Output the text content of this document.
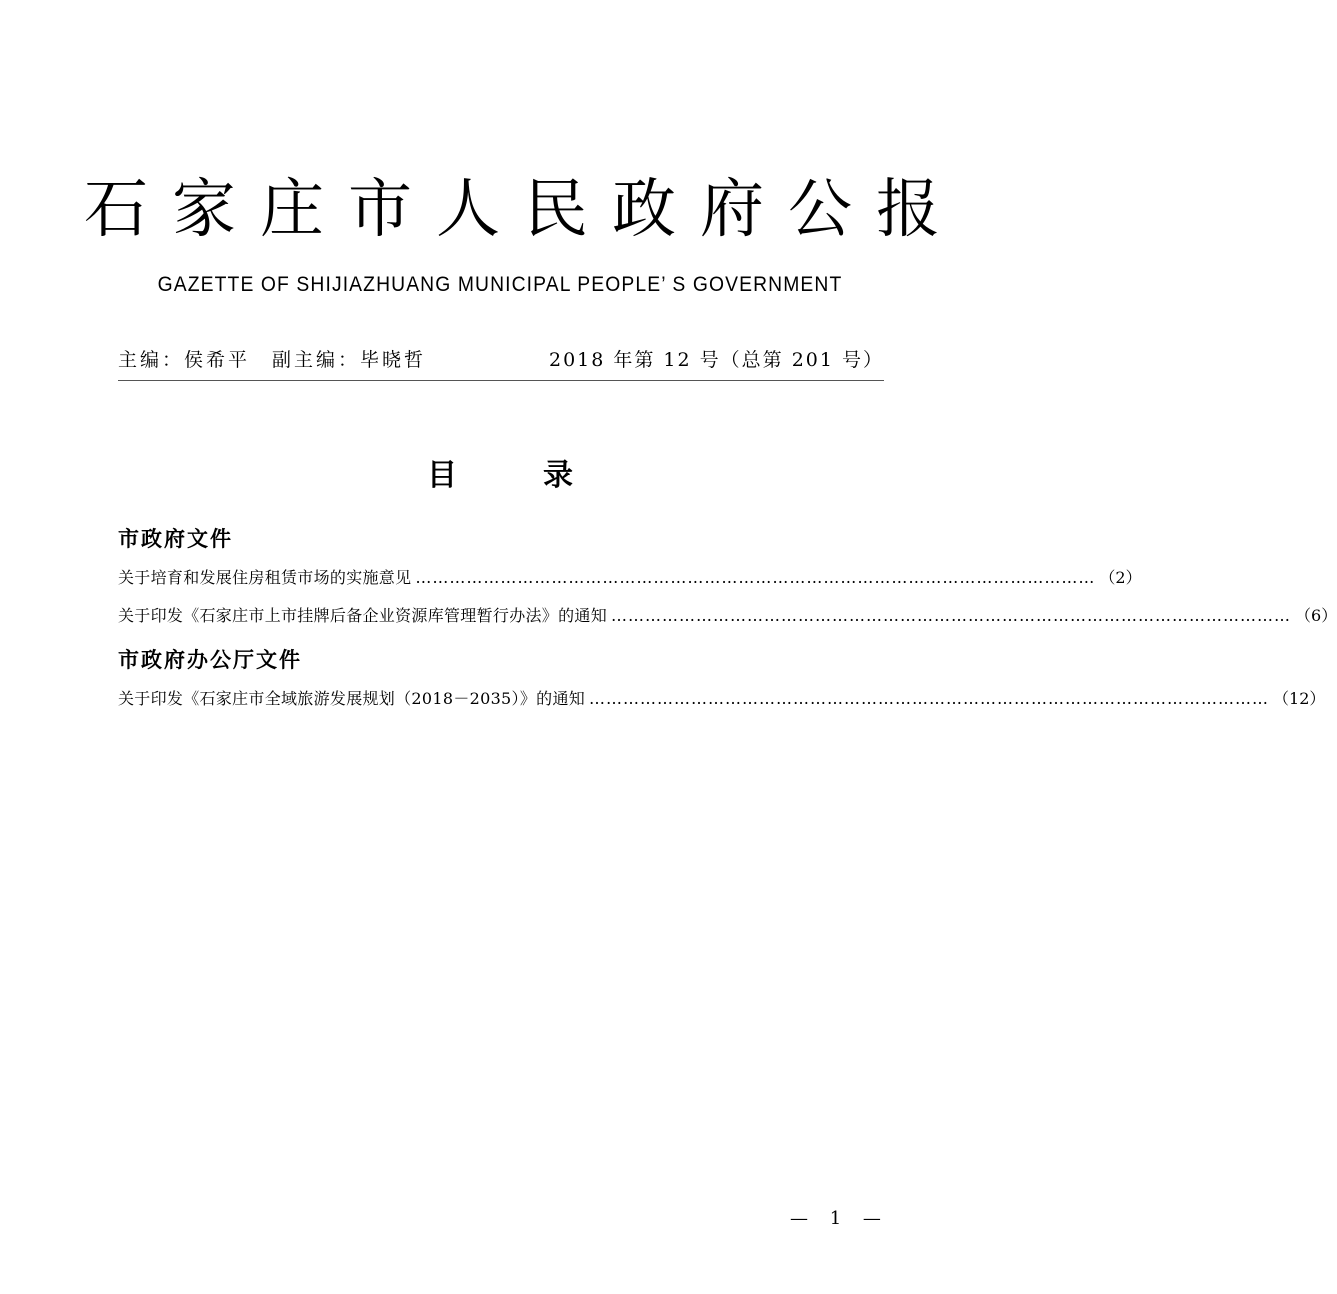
石家庄市人民政府公报
GAZETTE OF SHIJIAZHUANG MUNICIPAL PEOPLE’ S GOVERNMENT
主编：侯希平 副主编：毕晓哲	2018 年第 12 号（总第 201 号）
目	录
市政府文件
关于培育和发展住房租赁市场的实施意见 ………………………………………………………………………………………………………… （2）
关于印发《石家庄市上市挂牌后备企业资源库管理暂行办法》的通知 ………………………………………………………………………………………………………… （6）
市政府办公厅文件
关于印发《石家庄市全域旅游发展规划（2018－2035）》的通知 ………………………………………………………………………………………………………… （12）
— 1 —
